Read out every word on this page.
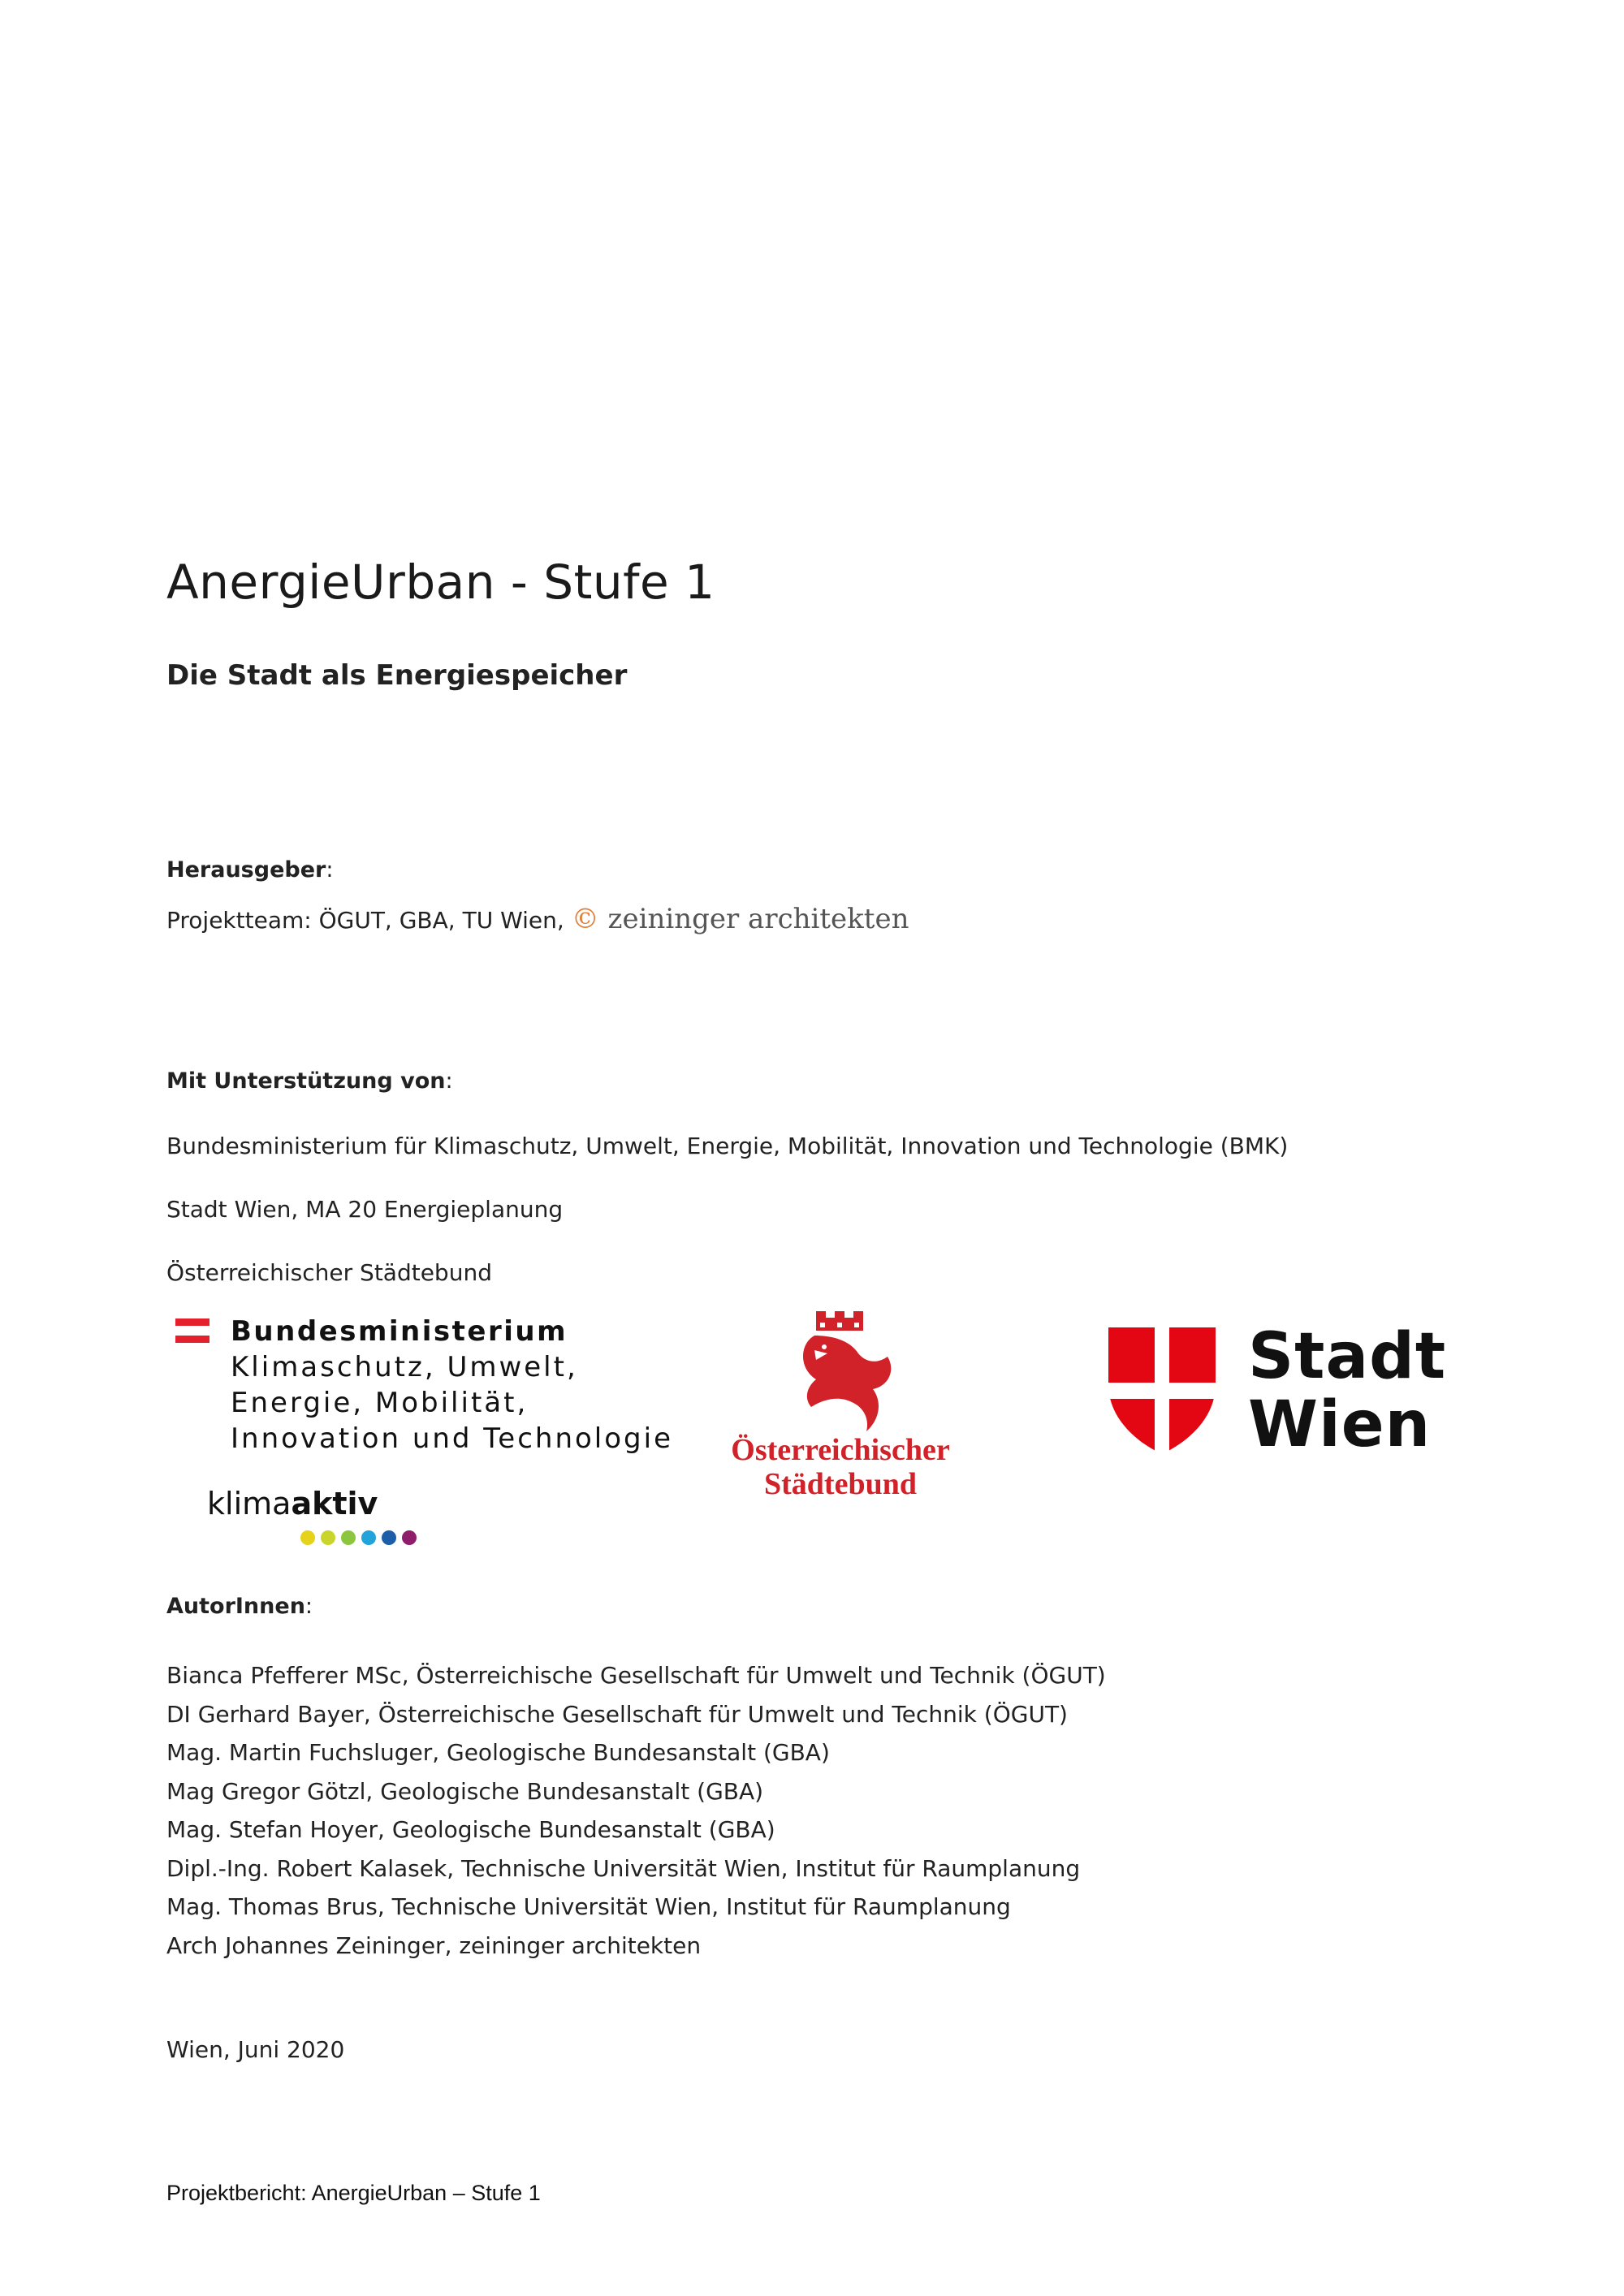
AnergieUrban - Stufe 1
Die Stadt als Energiespeicher
Herausgeber:
Projektteam: ÖGUT, GBA, TU Wien, © zeininger architekten
Mit Unterstützung von:
Bundesministerium für Klimaschutz, Umwelt, Energie, Mobilität, Innovation und Technologie (BMK)
Stadt Wien, MA 20 Energieplanung
Österreichischer Städtebund
Bundesministerium
Klimaschutz, Umwelt,
Energie, Mobilität,
Innovation und Technologie Österreichischer
Städtebund
Stadt
Wien
klimaaktiv
AutorInnen:
Bianca Pfefferer MSc, Österreichische Gesellschaft für Umwelt und Technik (ÖGUT)
DI Gerhard Bayer, Österreichische Gesellschaft für Umwelt und Technik (ÖGUT)
Mag. Martin Fuchsluger, Geologische Bundesanstalt (GBA)
Mag Gregor Götzl, Geologische Bundesanstalt (GBA)
Mag. Stefan Hoyer, Geologische Bundesanstalt (GBA)
Dipl.-Ing. Robert Kalasek, Technische Universität Wien, Institut für Raumplanung
Mag. Thomas Brus, Technische Universität Wien, Institut für Raumplanung
Arch Johannes Zeininger, zeininger architekten
Wien, Juni 2020
Projektbericht: AnergieUrban – Stufe 1
